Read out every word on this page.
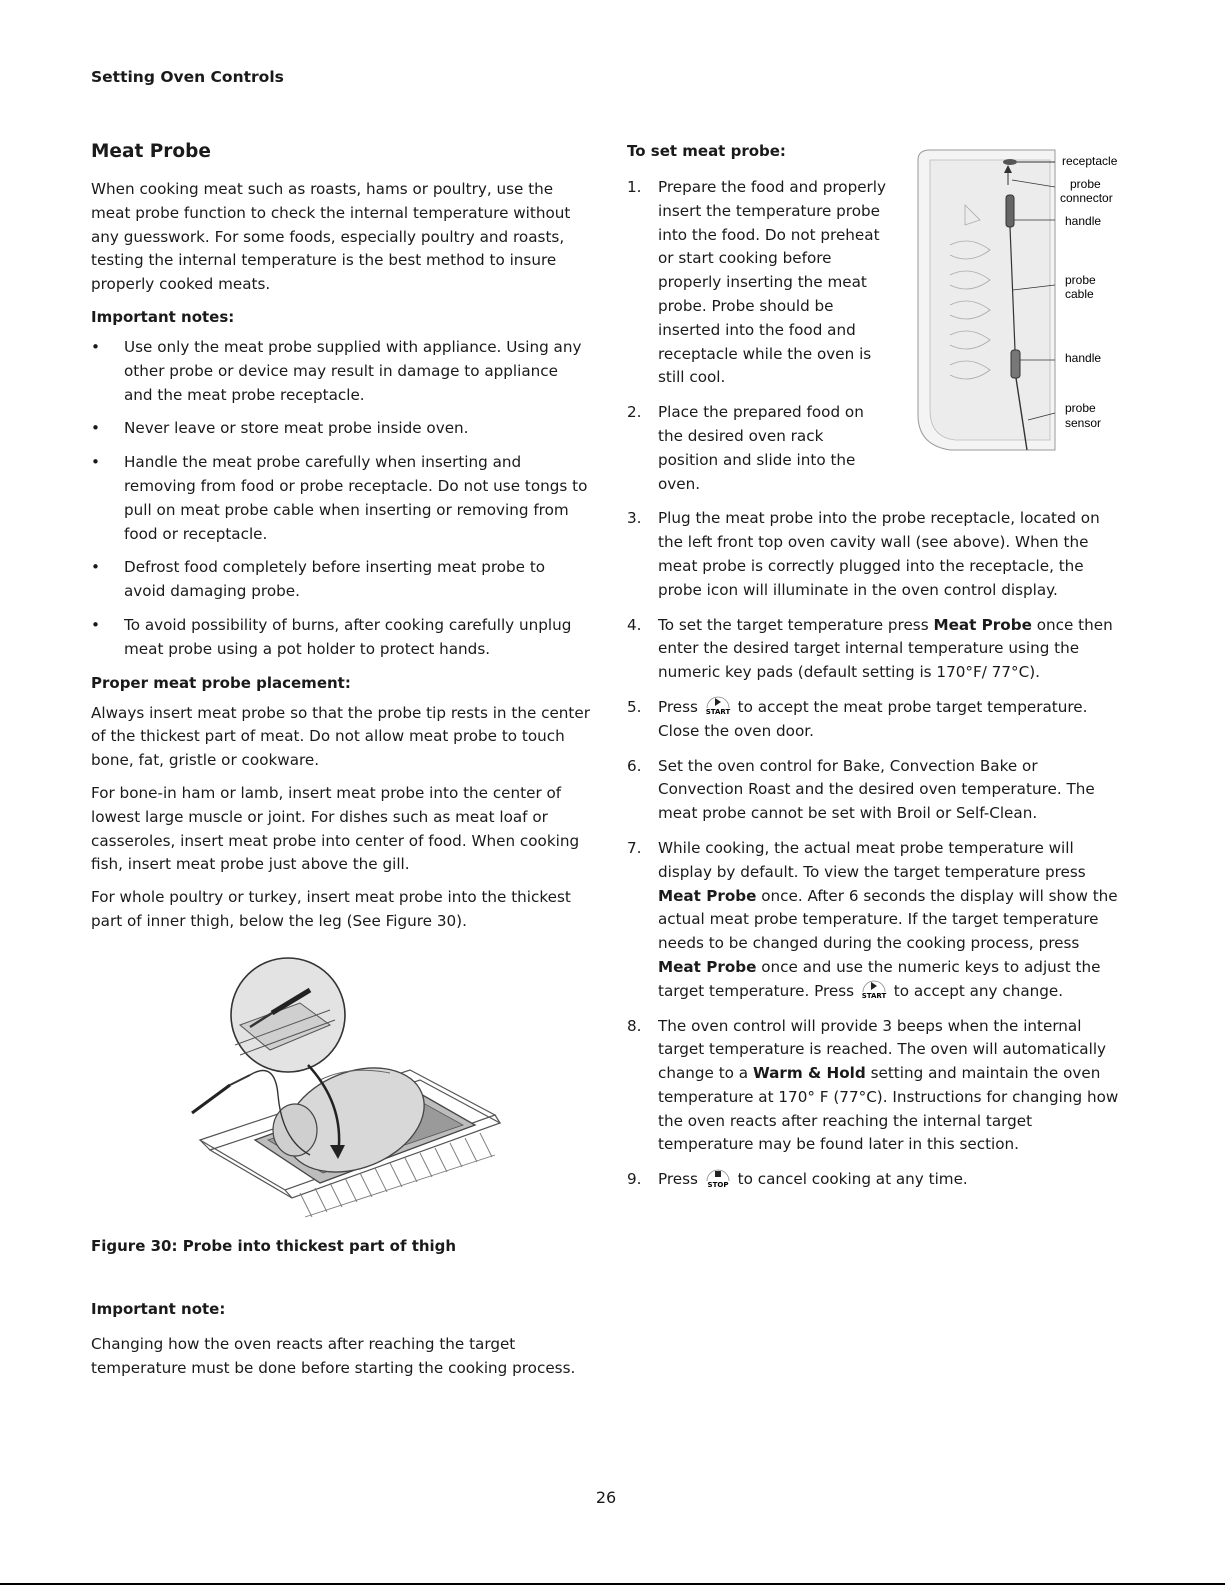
Setting Oven Controls
Meat Probe

When cooking meat such as roasts, hams or poultry, use the meat probe function to check the internal temperature without any guesswork. For some foods, especially poultry and roasts, testing the internal temperature is the best method to insure properly cooked meats.

Important notes:
• Use only the meat probe supplied with appliance. Using any other probe or device may result in damage to appliance and the meat probe receptacle.
• Never leave or store meat probe inside oven.
• Handle the meat probe carefully when inserting and removing from food or probe receptacle. Do not use tongs to pull on meat probe cable when inserting or removing from food or receptacle.
• Defrost food completely before inserting meat probe to avoid damaging probe.
• To avoid possibility of burns, after cooking carefully unplug meat probe using a pot holder to protect hands.
Proper meat probe placement:

Always insert meat probe so that the probe tip rests in the center of the thickest part of meat. Do not allow meat probe to touch bone, fat, gristle or cookware.

For bone-in ham or lamb, insert meat probe into the center of lowest large muscle or joint. For dishes such as meat loaf or casseroles, insert meat probe into center of food. When cooking fish, insert meat probe just above the gill.

For whole poultry or turkey, insert meat probe into the thickest part of inner thigh, below the leg (See Figure 30).

Figure 30: Probe into thickest part of thigh
Important note:
Changing how the oven reacts after reaching the target temperature must be done before starting the cooking process.
receptacle
probe
connector
handle
probe
cable
handle
probe
sensor
To set meat probe:
1. Prepare the food and properly insert the temperature probe into the food. Do not preheat or start cooking before properly inserting the meat probe. Probe should be inserted into the food and receptacle while the oven is still cool.
2. Place the prepared food on the desired oven rack position and slide into the oven.
3. Plug the meat probe into the probe receptacle, located on the left front top oven cavity wall (see above). When the meat probe is correctly plugged into the receptacle, the probe icon will illuminate in the oven control display.
4. To set the target temperature press Meat Probe once then enter the desired target internal temperature using the numeric key pads (default setting is 170°F/ 77°C).
5. Press START to accept the meat probe target temperature. Close the oven door.
6. Set the oven control for Bake, Convection Bake or Convection Roast and the desired oven temperature. The meat probe cannot be set with Broil or Self-Clean.
7. While cooking, the actual meat probe temperature will display by default. To view the target temperature press Meat Probe once. After 6 seconds the display will show the actual meat probe temperature. If the target temperature needs to be changed during the cooking process, press Meat Probe once and use the numeric keys to adjust the target temperature. Press START to accept any change.
8. The oven control will provide 3 beeps when the internal target temperature is reached. The oven will automatically change to a Warm & Hold setting and maintain the oven temperature at 170° F (77°C). Instructions for changing how the oven reacts after reaching the internal target temperature may be found later in this section.
9. Press STOP to cancel cooking at any time.
26
